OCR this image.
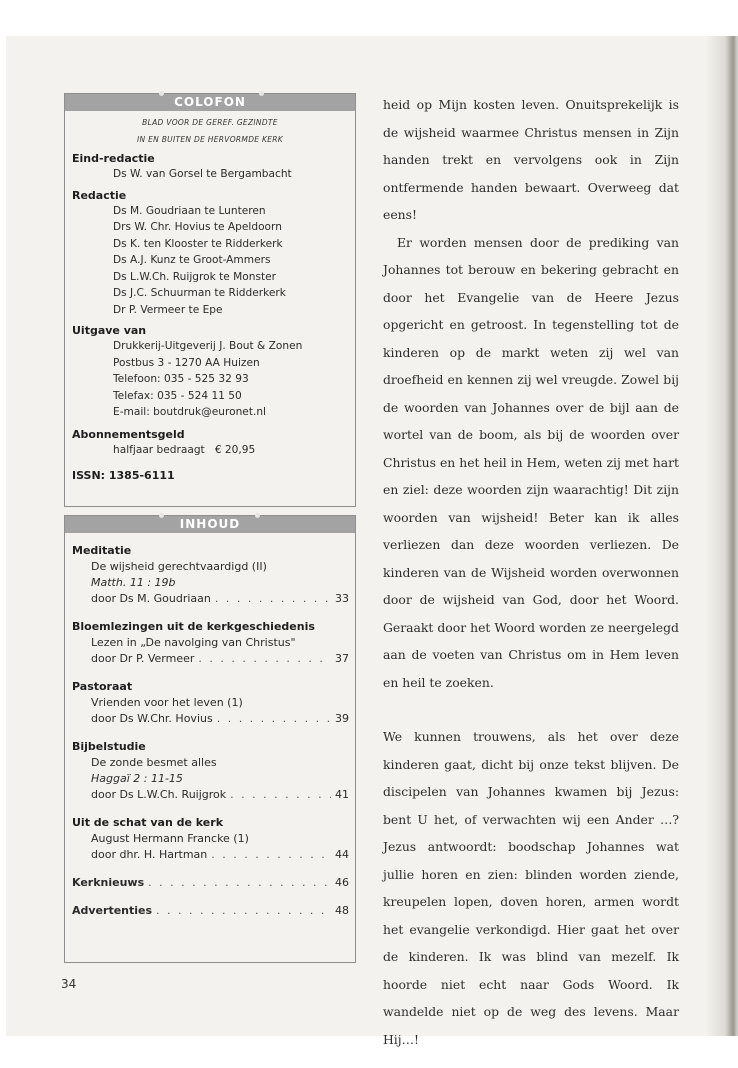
COLOFON
BLAD VOOR DE GEREF. GEZINDTE
IN EN BUITEN DE HERVORMDE KERK
Eind-redactie
Ds W. van Gorsel te Bergambacht
Redactie
Ds M. Goudriaan te Lunteren
Drs W. Chr. Hovius te Apeldoorn
Ds K. ten Klooster te Ridderkerk
Ds A.J. Kunz te Groot-Ammers
Ds L.W.Ch. Ruijgrok te Monster
Ds J.C. Schuurman te Ridderkerk
Dr P. Vermeer te Epe
Uitgave van
Drukkerij-Uitgeverij J. Bout & Zonen
Postbus 3 - 1270 AA Huizen
Telefoon: 035 - 525 32 93
Telefax: 035 - 524 11 50
E-mail: boutdruk@euronet.nl
Abonnementsgeld
halfjaar bedraagt   € 20,95
ISSN: 1385-6111
INHOUD
Meditatie
De wijsheid gerechtvaardigd (II)
Matth. 11 : 19b
door Ds M. Goudriaan . . .	33
Bloemlezingen uit de kerkgeschiedenis
Lezen in „De navolging van Christus"
door Dr P. Vermeer . . .	37
Pastoraat
Vrienden voor het leven (1)
door Ds W.Chr. Hovius . . .	39
Bijbelstudie
De zonde besmet alles
Haggaï 2 : 11-15
door Ds L.W.Ch. Ruijgrok . . .	41
Uit de schat van de kerk
August Hermann Francke (1)
door dhr. H. Hartman . . .	44
Kerknieuws . . .	46
Advertenties . . .	48

heid op Mijn kosten leven. Onuitsprekelijk is de wijsheid waarmee Christus mensen in Zijn handen trekt en vervolgens ook in Zijn ontfermende handen bewaart. Overweeg dat eens!

Er worden mensen door de prediking van Johannes tot berouw en bekering gebracht en door het Evangelie van de Heere Jezus opgericht en getroost. In tegenstelling tot de kinderen op de markt weten zij wel van droefheid en kennen zij wel vreugde. Zowel bij de woorden van Johannes over de bijl aan de wortel van de boom, als bij de woorden over Christus en het heil in Hem, weten zij met hart en ziel: deze woorden zijn waarachtig! Dit zijn woorden van wijsheid! Beter kan ik alles verliezen dan deze woorden verliezen. De kinderen van de Wijsheid worden overwonnen door de wijsheid van God, door het Woord. Geraakt door het Woord worden ze neergelegd aan de voeten van Christus om in Hem leven en heil te zoeken.

We kunnen trouwens, als het over deze kinderen gaat, dicht bij onze tekst blijven. De discipelen van Johannes kwamen bij Jezus: bent U het, of verwachten wij een Ander …? Jezus antwoordt: boodschap Johannes wat jullie horen en zien: blinden worden ziende, kreupelen lopen, doven horen, armen wordt het evangelie verkondigd. Hier gaat het over de kinderen. Ik was blind van mezelf. Ik hoorde niet echt naar Gods Woord. Ik wandelde niet op de weg des levens. Maar Hij…!

34
